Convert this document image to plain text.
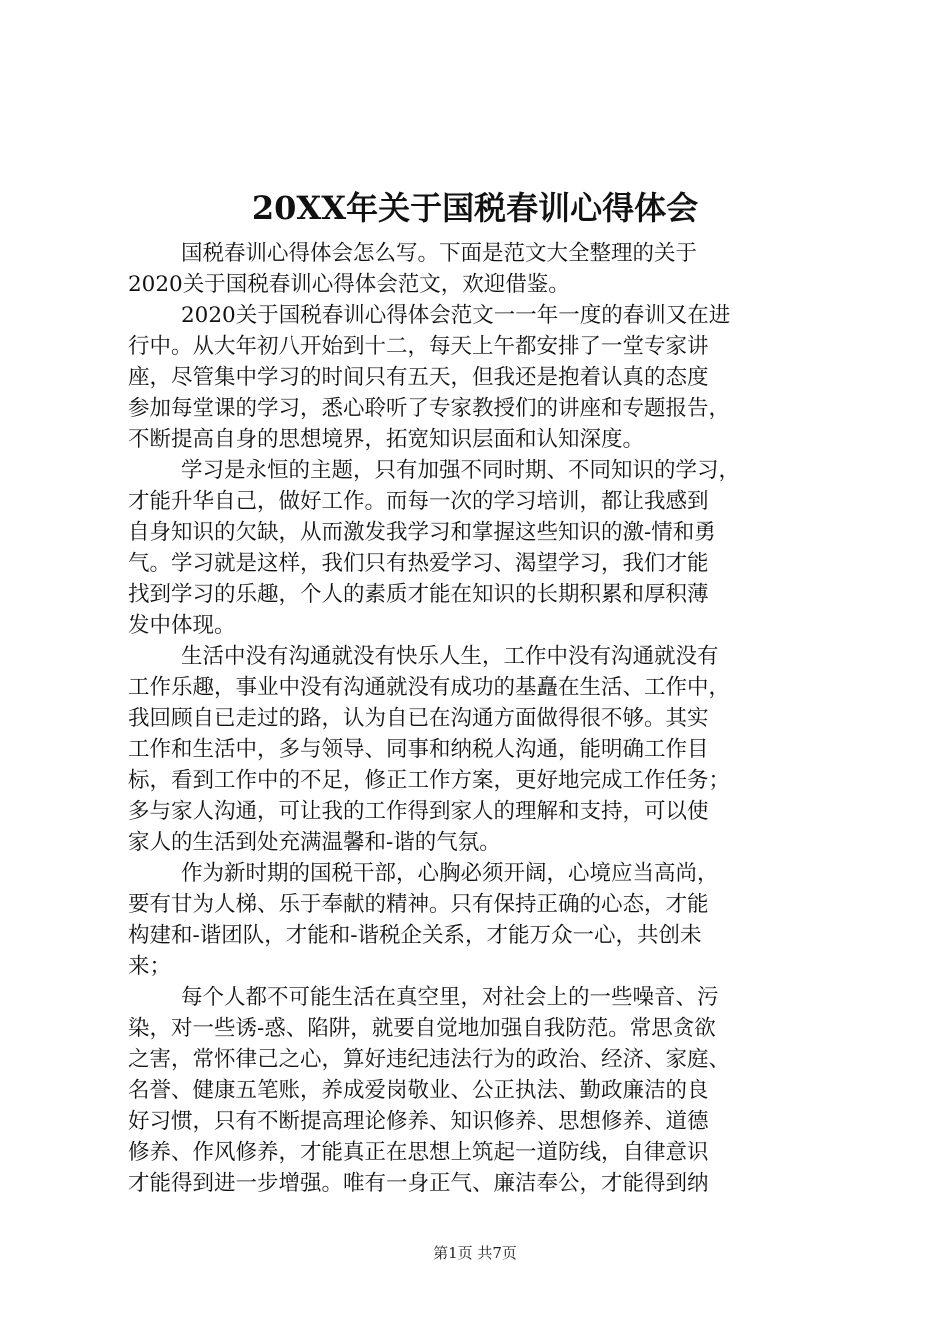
20XX年关于国税春训心得体会
国税春训心得体会怎么写。下面是范文大全整理的关于
2020关于国税春训心得体会范文，欢迎借鉴。
2020关于国税春训心得体会范文一一年一度的春训又在进
行中。从大年初八开始到十二，每天上午都安排了一堂专家讲
座，尽管集中学习的时间只有五天，但我还是抱着认真的态度
参加每堂课的学习，悉心聆听了专家教授们的讲座和专题报告，
不断提高自身的思想境界，拓宽知识层面和认知深度。
学习是永恒的主题，只有加强不同时期、不同知识的学习，
才能升华自己，做好工作。而每一次的学习培训，都让我感到
自身知识的欠缺，从而激发我学习和掌握这些知识的激-情和勇
气。学习就是这样，我们只有热爱学习、渴望学习，我们才能
找到学习的乐趣，个人的素质才能在知识的长期积累和厚积薄
发中体现。
生活中没有沟通就没有快乐人生，工作中没有沟通就没有
工作乐趣，事业中没有沟通就没有成功的基矗在生活、工作中，
我回顾自已走过的路，认为自已在沟通方面做得很不够。其实
工作和生活中，多与领导、同事和纳税人沟通，能明确工作目
标，看到工作中的不足，修正工作方案，更好地完成工作任务；
多与家人沟通，可让我的工作得到家人的理解和支持，可以使
家人的生活到处充满温馨和-谐的气氛。
作为新时期的国税干部，心胸必须开阔，心境应当高尚，
要有甘为人梯、乐于奉献的精神。只有保持正确的心态，才能
构建和-谐团队，才能和-谐税企关系，才能万众一心，共创未
来；
每个人都不可能生活在真空里，对社会上的一些噪音、污
染，对一些诱-惑、陷阱，就要自觉地加强自我防范。常思贪欲
之害，常怀律己之心，算好违纪违法行为的政治、经济、家庭、
名誉、健康五笔账，养成爱岗敬业、公正执法、勤政廉洁的良
好习惯，只有不断提高理论修养、知识修养、思想修养、道德
修养、作风修养，才能真正在思想上筑起一道防线，自律意识
才能得到进一步增强。唯有一身正气、廉洁奉公，才能得到纳
第1页 共7页
